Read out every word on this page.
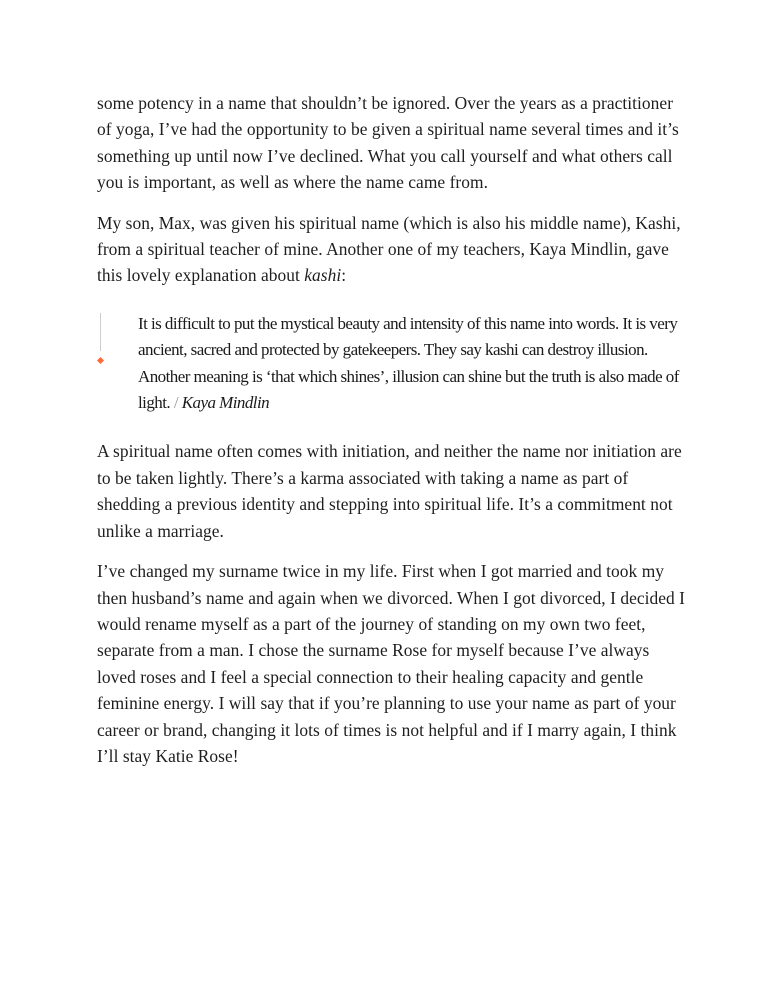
some potency in a name that shouldn’t be ignored. Over the years as a practitioner of yoga, I’ve had the opportunity to be given a spiritual name several times and it’s something up until now I’ve declined. What you call yourself and what others call you is important, as well as where the name came from.

My son, Max, was given his spiritual name (which is also his middle name), Kashi, from a spiritual teacher of mine. Another one of my teachers, Kaya Mindlin, gave this lovely explanation about kashi:

It is difficult to put the mystical beauty and intensity of this name into words. It is very ancient, sacred and protected by gatekeepers. They say kashi can destroy illusion. Another meaning is ‘that which shines’, illusion can shine but the truth is also made of light. / Kaya Mindlin

A spiritual name often comes with initiation, and neither the name nor initiation are to be taken lightly. There’s a karma associated with taking a name as part of shedding a previous identity and stepping into spiritual life. It’s a commitment not unlike a marriage.

I’ve changed my surname twice in my life. First when I got married and took my then husband’s name and again when we divorced. When I got divorced, I decided I would rename myself as a part of the journey of standing on my own two feet, separate from a man. I chose the surname Rose for myself because I’ve always loved roses and I feel a special connection to their healing capacity and gentle feminine energy. I will say that if you’re planning to use your name as part of your career or brand, changing it lots of times is not helpful and if I marry again, I think I’ll stay Katie Rose!
